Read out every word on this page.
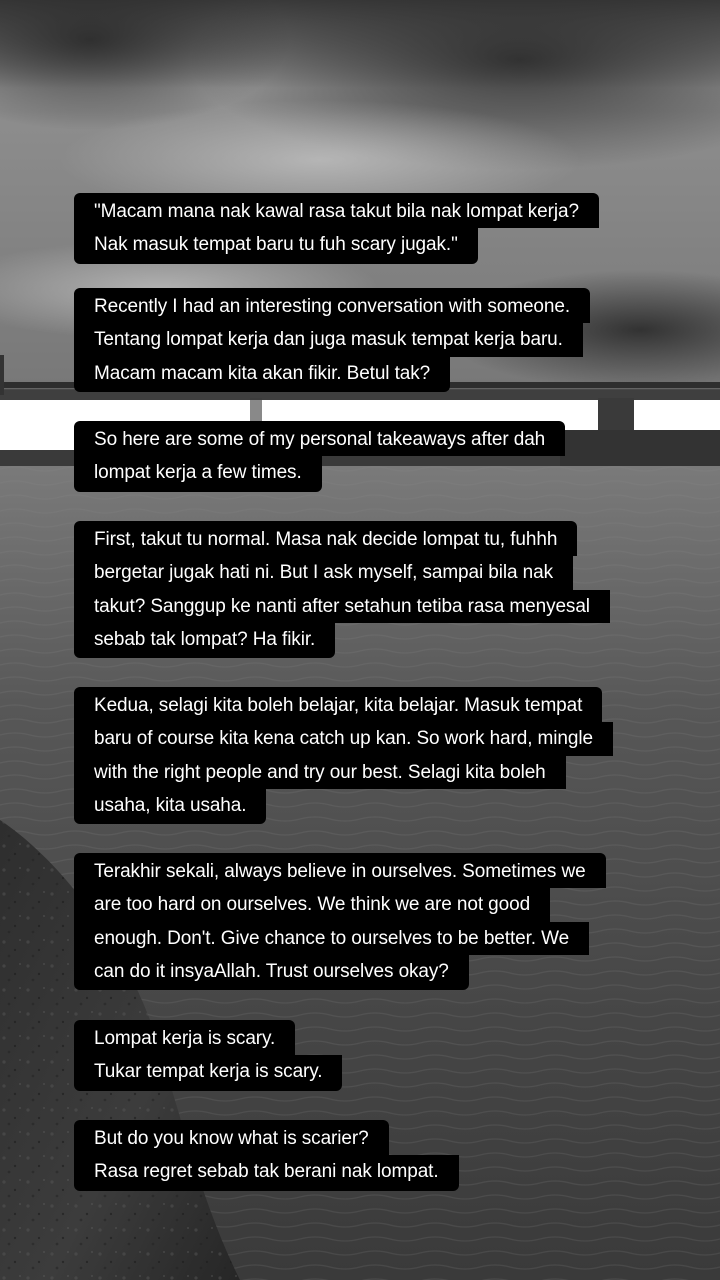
"Macam mana nak kawal rasa takut bila nak lompat kerja?
Nak masuk tempat baru tu fuh scary jugak."
Recently I had an interesting conversation with someone.
Tentang lompat kerja dan juga masuk tempat kerja baru.
Macam macam kita akan fikir. Betul tak?
So here are some of my personal takeaways after dah
lompat kerja a few times.
First, takut tu normal. Masa nak decide lompat tu, fuhhh
bergetar jugak hati ni. But I ask myself, sampai bila nak
takut? Sanggup ke nanti after setahun tetiba rasa menyesal
sebab tak lompat? Ha fikir.
Kedua, selagi kita boleh belajar, kita belajar. Masuk tempat
baru of course kita kena catch up kan. So work hard, mingle
with the right people and try our best. Selagi kita boleh
usaha, kita usaha.
Terakhir sekali, always believe in ourselves. Sometimes we
are too hard on ourselves. We think we are not good
enough. Don't. Give chance to ourselves to be better. We
can do it insyaAllah. Trust ourselves okay?
Lompat kerja is scary.
Tukar tempat kerja is scary.
But do you know what is scarier?
Rasa regret sebab tak berani nak lompat.
